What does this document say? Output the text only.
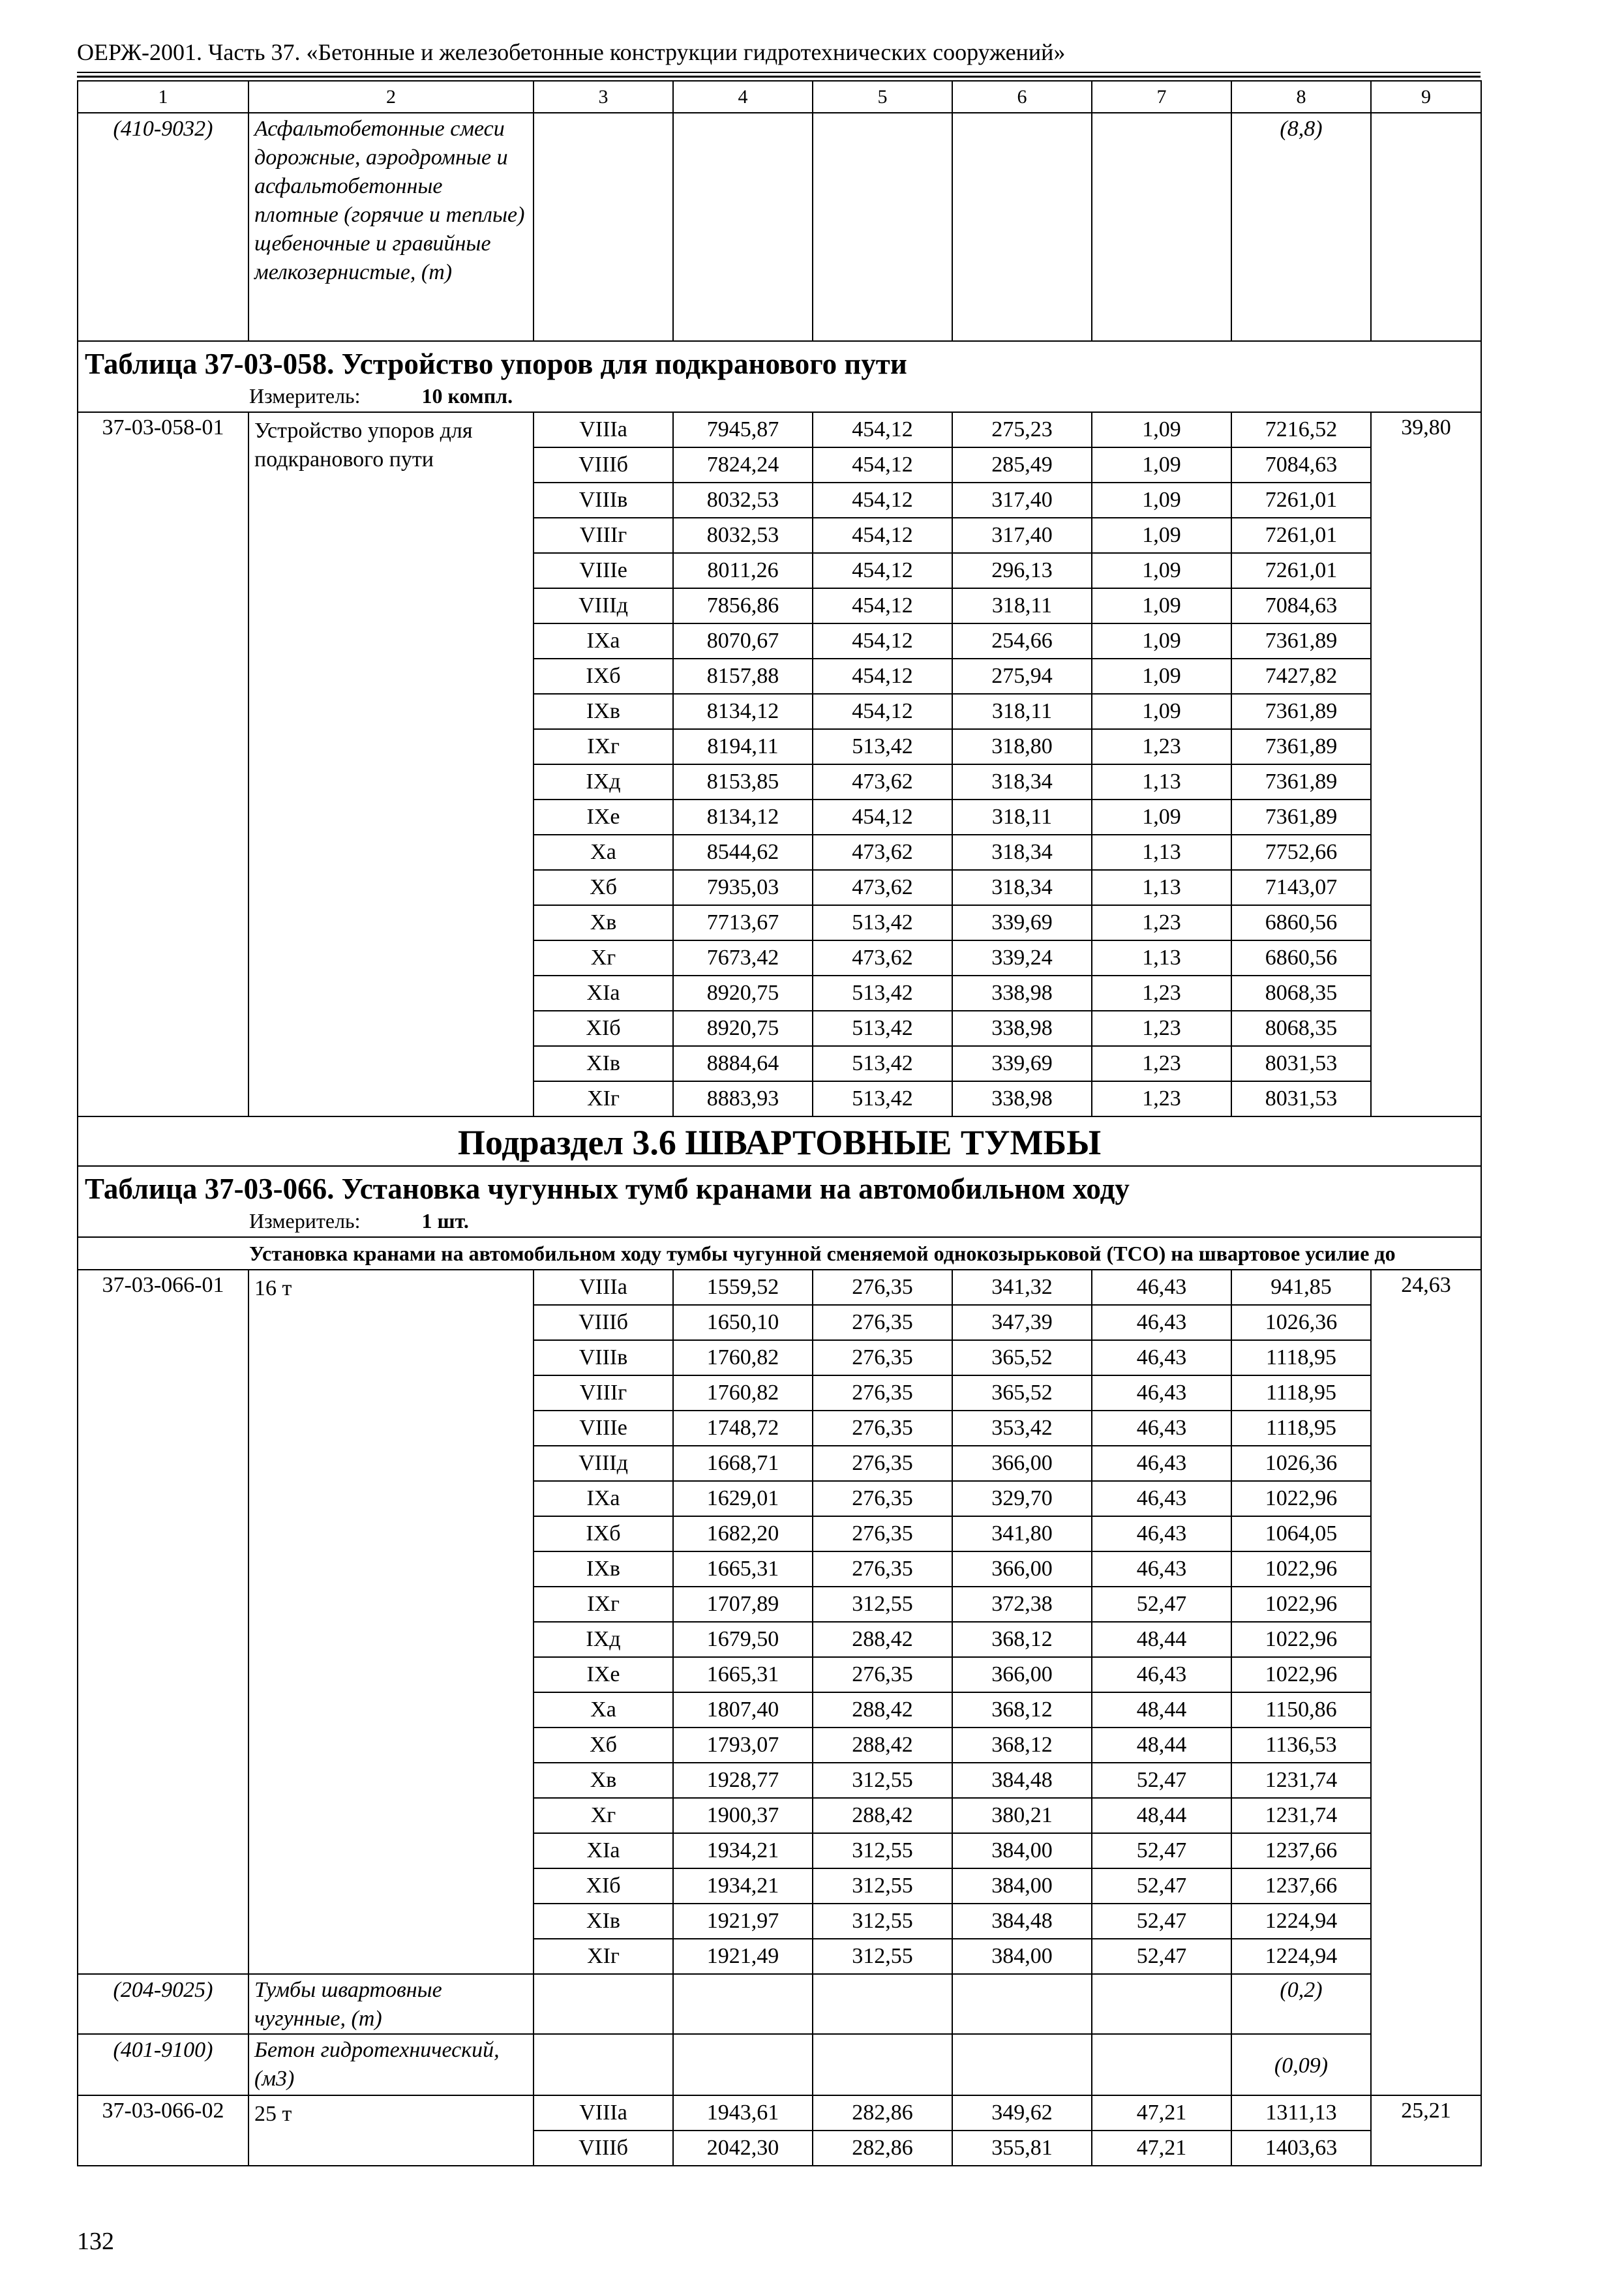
ОЕРЖ-2001. Часть 37. «Бетонные и железобетонные конструкции гидротехнических сооружений»
1	2	3	4	5	6	7	8	9
(410-9032)	Асфальтобетонные смеси дорожные, аэродромные и асфальтобетонные плотные (горячие и теплые) щебеночные и гравийные мелкозернистые, (т)						(8,8)	

Таблица 37-03-058. Устройство упоров для подкранового пути
Измеритель: 10 компл.								

37-03-058-01	Устройство упоров для подкранового пути	VIIIа	7945,87	454,12	275,23	1,09	7216,52	39,80
		VIIIб	7824,24	454,12	285,49	1,09	7084,63	
		VIIIв	8032,53	454,12	317,40	1,09	7261,01	
		VIIIг	8032,53	454,12	317,40	1,09	7261,01	
		VIIIе	8011,26	454,12	296,13	1,09	7261,01	
		VIIIд	7856,86	454,12	318,11	1,09	7084,63	
		IXа	8070,67	454,12	254,66	1,09	7361,89	
		IXб	8157,88	454,12	275,94	1,09	7427,82	
		IXв	8134,12	454,12	318,11	1,09	7361,89	
		IXг	8194,11	513,42	318,80	1,23	7361,89	
		IXд	8153,85	473,62	318,34	1,13	7361,89	
		IXе	8134,12	454,12	318,11	1,09	7361,89	
		Xа	8544,62	473,62	318,34	1,13	7752,66	
		Xб	7935,03	473,62	318,34	1,13	7143,07	
		Xв	7713,67	513,42	339,69	1,23	6860,56	
		Xг	7673,42	473,62	339,24	1,13	6860,56	
		XIа	8920,75	513,42	338,98	1,23	8068,35	
		XIб	8920,75	513,42	338,98	1,23	8068,35	
		XIв	8884,64	513,42	339,69	1,23	8031,53	
		XIг	8883,93	513,42	338,98	1,23	8031,53	

Подраздел 3.6 ШВАРТОВНЫЕ ТУМБЫ								

Таблица 37-03-066. Установка чугунных тумб кранами на автомобильном ходу
Измеритель: 1 шт.								

Установка кранами на автомобильном ходу тумбы чугунной сменяемой однокозырьковой (ТСО) на швартовое усилие до								
37-03-066-01	16 т	VIIIа	1559,52	276,35	341,32	46,43	941,85	24,63
		VIIIб	1650,10	276,35	347,39	46,43	1026,36	
		VIIIв	1760,82	276,35	365,52	46,43	1118,95	
		VIIIг	1760,82	276,35	365,52	46,43	1118,95	
		VIIIе	1748,72	276,35	353,42	46,43	1118,95	
		VIIIд	1668,71	276,35	366,00	46,43	1026,36	
		IXа	1629,01	276,35	329,70	46,43	1022,96	
		IXб	1682,20	276,35	341,80	46,43	1064,05	
		IXв	1665,31	276,35	366,00	46,43	1022,96	
		IXг	1707,89	312,55	372,38	52,47	1022,96	
		IXд	1679,50	288,42	368,12	48,44	1022,96	
		IXе	1665,31	276,35	366,00	46,43	1022,96	
		Xа	1807,40	288,42	368,12	48,44	1150,86	
		Xб	1793,07	288,42	368,12	48,44	1136,53	
		Xв	1928,77	312,55	384,48	52,47	1231,74	
		Xг	1900,37	288,42	380,21	48,44	1231,74	
		XIа	1934,21	312,55	384,00	52,47	1237,66	
		XIб	1934,21	312,55	384,00	52,47	1237,66	
		XIв	1921,97	312,55	384,48	52,47	1224,94	
		XIг	1921,49	312,55	384,00	52,47	1224,94	
(204-9025)	Тумбы швартовные чугунные, (т)						(0,2)	
(401-9100)	Бетон гидротехнический, (м3)						(0,09)	
37-03-066-02	25 т	VIIIа	1943,61	282,86	349,62	47,21	1311,13	25,21
		VIIIб	2042,30	282,86	355,81	47,21	1403,63	
132
